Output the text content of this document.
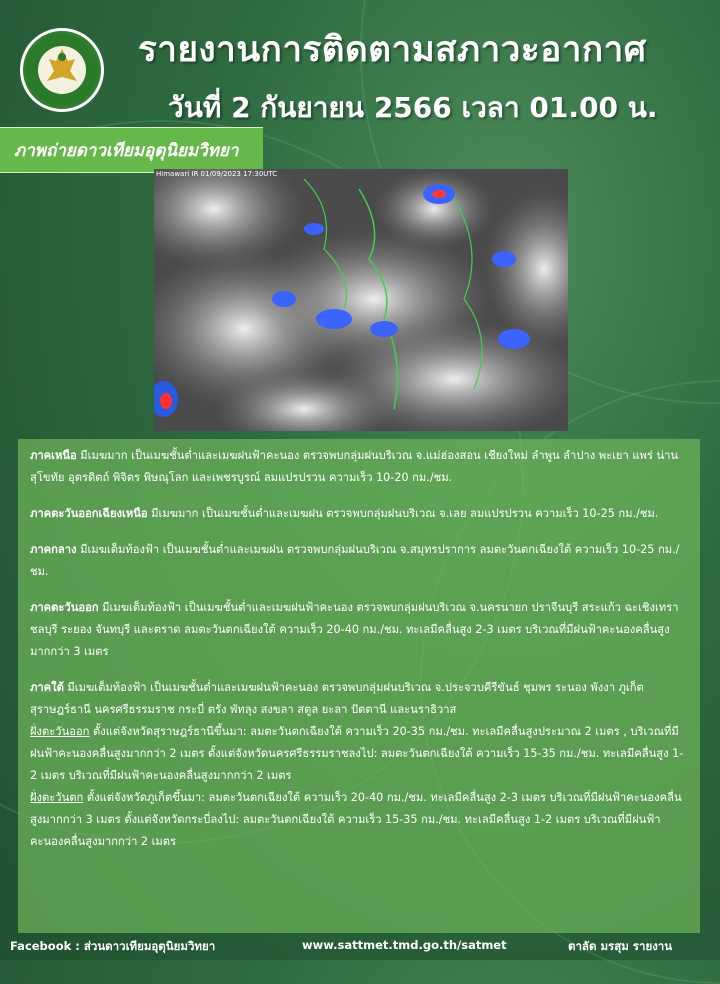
รายงานการติดตามสภาวะอากาศ
วันที่ 2 กันยายน 2566 เวลา 01.00 น.
ภาพถ่ายดาวเทียมอุตุนิยมวิทยา
Himawari IR 01/09/2023 17:30UTC

ภาคเหนือ มีเมฆมาก เป็นเมฆชั้นต่ำและเมฆฝนฟ้าคะนอง ตรวจพบกลุ่มฝนบริเวณ จ.แม่ฮ่องสอน เชียงใหม่ ลำพูน ลำปาง พะเยา แพร่ น่าน สุโขทัย อุตรดิตถ์ พิจิตร พิษณุโลก และเพชรบูรณ์ ลมแปรปรวน ความเร็ว 10-20 กม./ชม.

ภาคตะวันออกเฉียงเหนือ มีเมฆมาก เป็นเมฆชั้นต่ำและเมฆฝน ตรวจพบกลุ่มฝนบริเวณ จ.เลย ลมแปรปรวน ความเร็ว 10-25 กม./ชม.

ภาคกลาง มีเมฆเต็มท้องฟ้า เป็นเมฆชั้นต่ำและเมฆฝน ตรวจพบกลุ่มฝนบริเวณ จ.สมุทรปราการ ลมตะวันตกเฉียงใต้ ความเร็ว 10-25 กม./ชม.

ภาคตะวันออก มีเมฆเต็มท้องฟ้า เป็นเมฆชั้นต่ำและเมฆฝนฟ้าคะนอง ตรวจพบกลุ่มฝนบริเวณ จ.นครนายก ปราจีนบุรี สระแก้ว ฉะเชิงเทรา ชลบุรี ระยอง จันทบุรี และตราด ลมตะวันตกเฉียงใต้ ความเร็ว 20-40 กม./ชม. ทะเลมีคลื่นสูง 2-3 เมตร บริเวณที่มีฝนฟ้าคะนองคลื่นสูงมากกว่า 3 เมตร

ภาคใต้ มีเมฆเต็มท้องฟ้า เป็นเมฆชั้นต่ำและเมฆฝนฟ้าคะนอง ตรวจพบกลุ่มฝนบริเวณ จ.ประจวบคีรีขันธ์ ชุมพร ระนอง พังงา ภูเก็ต สุราษฎร์ธานี นครศรีธรรมราช กระบี่ ตรัง พัทลุง สงขลา สตูล ยะลา ปัตตานี และนราธิวาส
ฝั่งตะวันออก ตั้งแต่จังหวัดสุราษฎร์ธานีขึ้นมา: ลมตะวันตกเฉียงใต้ ความเร็ว 20-35 กม./ชม. ทะเลมีคลื่นสูงประมาณ 2 เมตร , บริเวณที่มีฝนฟ้าคะนองคลื่นสูงมากกว่า 2 เมตร ตั้งแต่จังหวัดนครศรีธรรมราชลงไป: ลมตะวันตกเฉียงใต้ ความเร็ว 15-35 กม./ชม. ทะเลมีคลื่นสูง 1-2 เมตร บริเวณที่มีฝนฟ้าคะนองคลื่นสูงมากกว่า 2 เมตร
ฝั่งตะวันตก ตั้งแต่จังหวัดภูเก็ตขึ้นมา: ลมตะวันตกเฉียงใต้ ความเร็ว 20-40 กม./ชม. ทะเลมีคลื่นสูง 2-3 เมตร บริเวณที่มีฝนฟ้าคะนองคลื่นสูงมากกว่า 3 เมตร ตั้งแต่จังหวัดกระบี่ลงไป: ลมตะวันตกเฉียงใต้ ความเร็ว 15-35 กม./ชม. ทะเลมีคลื่นสูง 1-2 เมตร บริเวณที่มีฝนฟ้าคะนองคลื่นสูงมากกว่า 2 เมตร

Facebook : ส่วนดาวเทียมอุตุนิยมวิทยา	www.sattmet.tmd.go.th/satmet	ตาลัด มรสุม รายงาน
